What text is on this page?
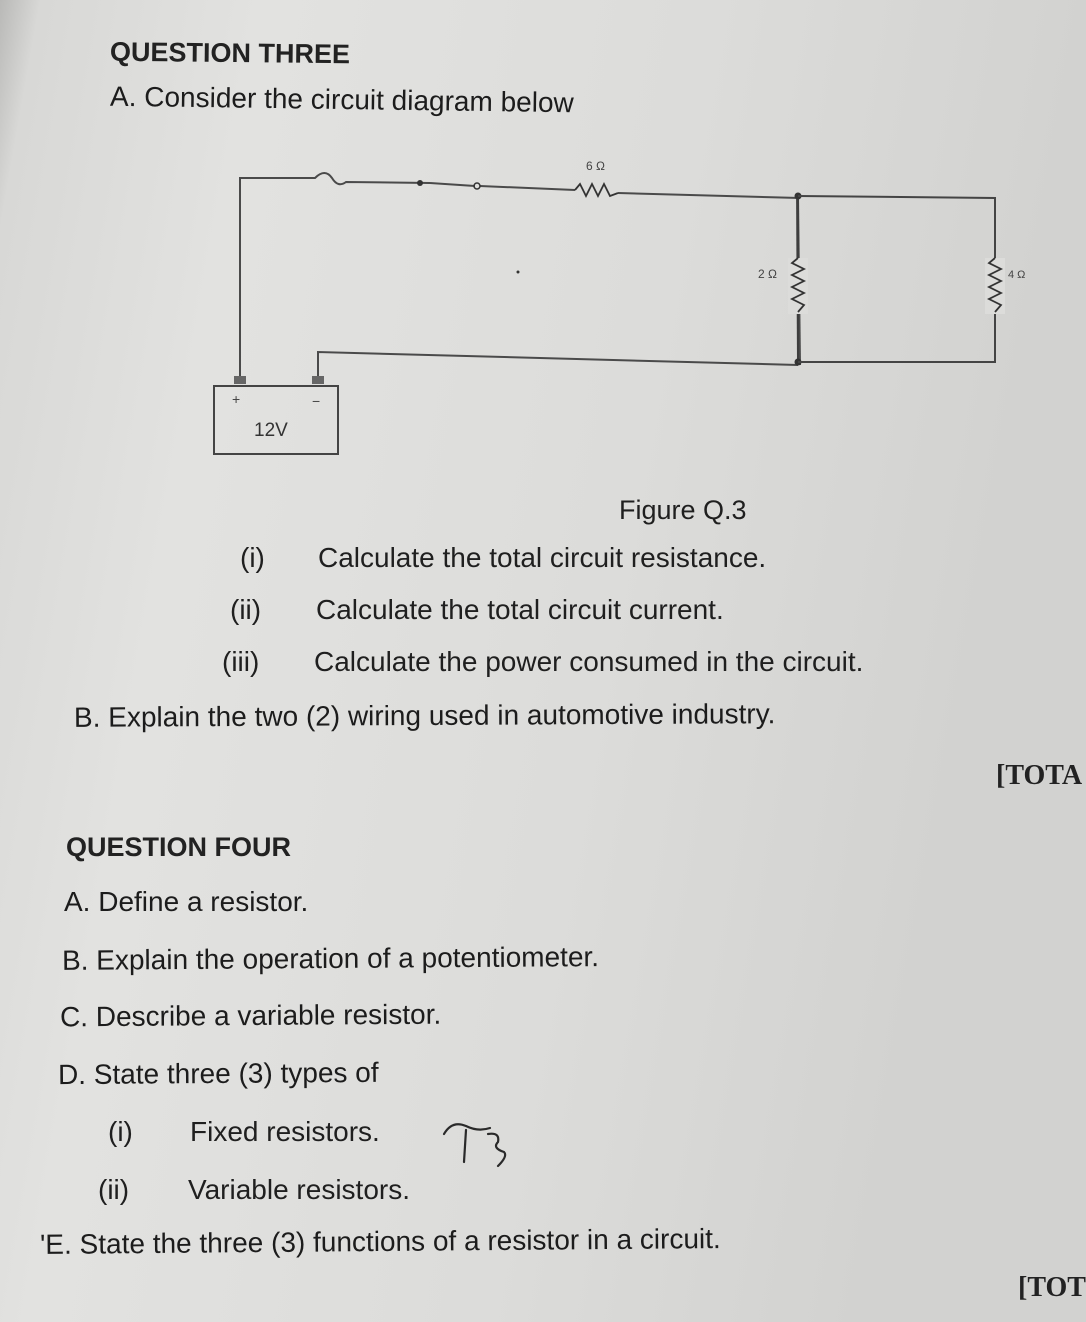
QUESTION THREE
A. Consider the circuit diagram below
6 Ω
2 Ω	4 Ω
+	−
12V
Figure Q.3
(i) Calculate the total circuit resistance.
(ii) Calculate the total circuit current.
(iii) Calculate the power consumed in the circuit.
B. Explain the two (2) wiring used in automotive industry.
[TOTA
QUESTION FOUR
A. Define a resistor.
B. Explain the operation of a potentiometer.
C. Describe a variable resistor.
D. State three (3) types of
(i) Fixed resistors.
(ii) Variable resistors.
'E. State the three (3) functions of a resistor in a circuit.
[TOT
